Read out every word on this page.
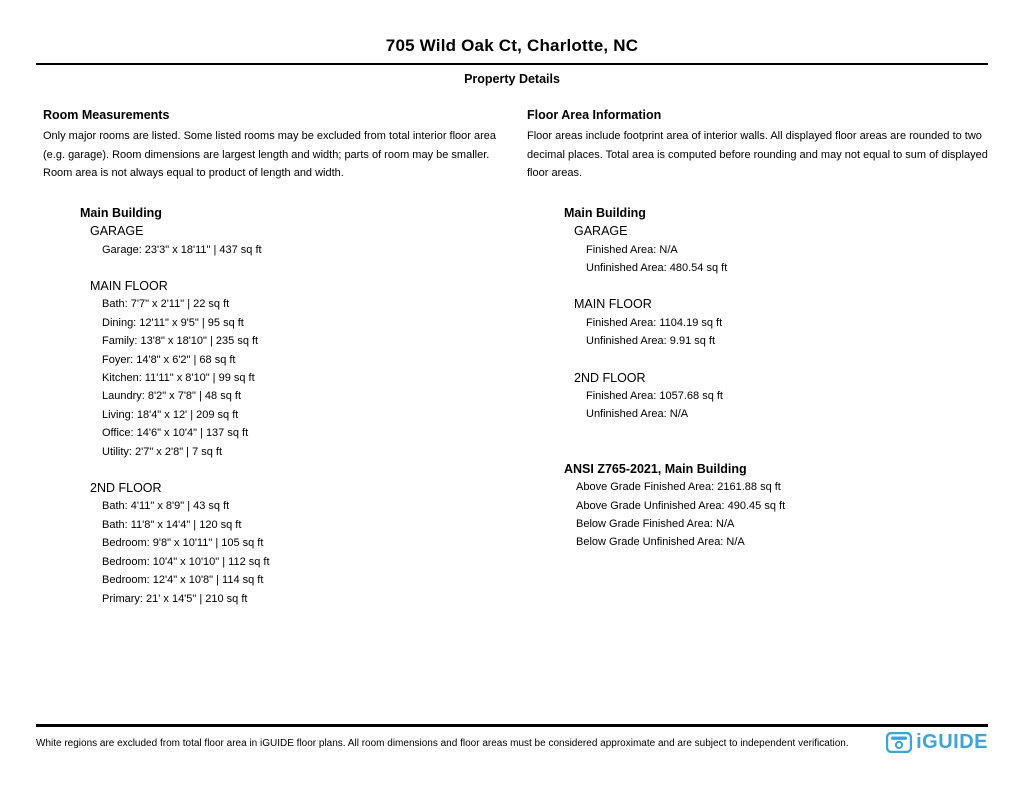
705 Wild Oak Ct, Charlotte, NC
Property Details
Room Measurements

Only major rooms are listed. Some listed rooms may be excluded from total interior floor area (e.g. garage). Room dimensions are largest length and width; parts of room may be smaller. Room area is not always equal to product of length and width.

Main Building
GARAGE
Garage: 23'3" x 18'11" | 437 sq ft
MAIN FLOOR
Bath: 7'7" x 2'11" | 22 sq ft
Dining: 12'11" x 9'5" | 95 sq ft
Family: 13'8" x 18'10" | 235 sq ft
Foyer: 14'8" x 6'2" | 68 sq ft
Kitchen: 11'11" x 8'10" | 99 sq ft
Laundry: 8'2" x 7'8" | 48 sq ft
Living: 18'4" x 12' | 209 sq ft
Office: 14'6" x 10'4" | 137 sq ft
Utility: 2'7" x 2'8" | 7 sq ft
2ND FLOOR
Bath: 4'11" x 8'9" | 43 sq ft
Bath: 11'8" x 14'4" | 120 sq ft
Bedroom: 9'8" x 10'11" | 105 sq ft
Bedroom: 10'4" x 10'10" | 112 sq ft
Bedroom: 12'4" x 10'8" | 114 sq ft
Primary: 21' x 14'5" | 210 sq ft
Floor Area Information

Floor areas include footprint area of interior walls. All displayed floor areas are rounded to two decimal places. Total area is computed before rounding and may not equal to sum of displayed floor areas.

Main Building
GARAGE
Finished Area: N/A
Unfinished Area: 480.54 sq ft
MAIN FLOOR
Finished Area: 1104.19 sq ft
Unfinished Area: 9.91 sq ft
2ND FLOOR
Finished Area: 1057.68 sq ft
Unfinished Area: N/A
ANSI Z765-2021, Main Building
Above Grade Finished Area: 2161.88 sq ft
Above Grade Unfinished Area: 490.45 sq ft
Below Grade Finished Area: N/A
Below Grade Unfinished Area: N/A
White regions are excluded from total floor area in iGUIDE floor plans. All room dimensions and floor areas must be considered approximate and are subject to independent verification.	iGUIDE
